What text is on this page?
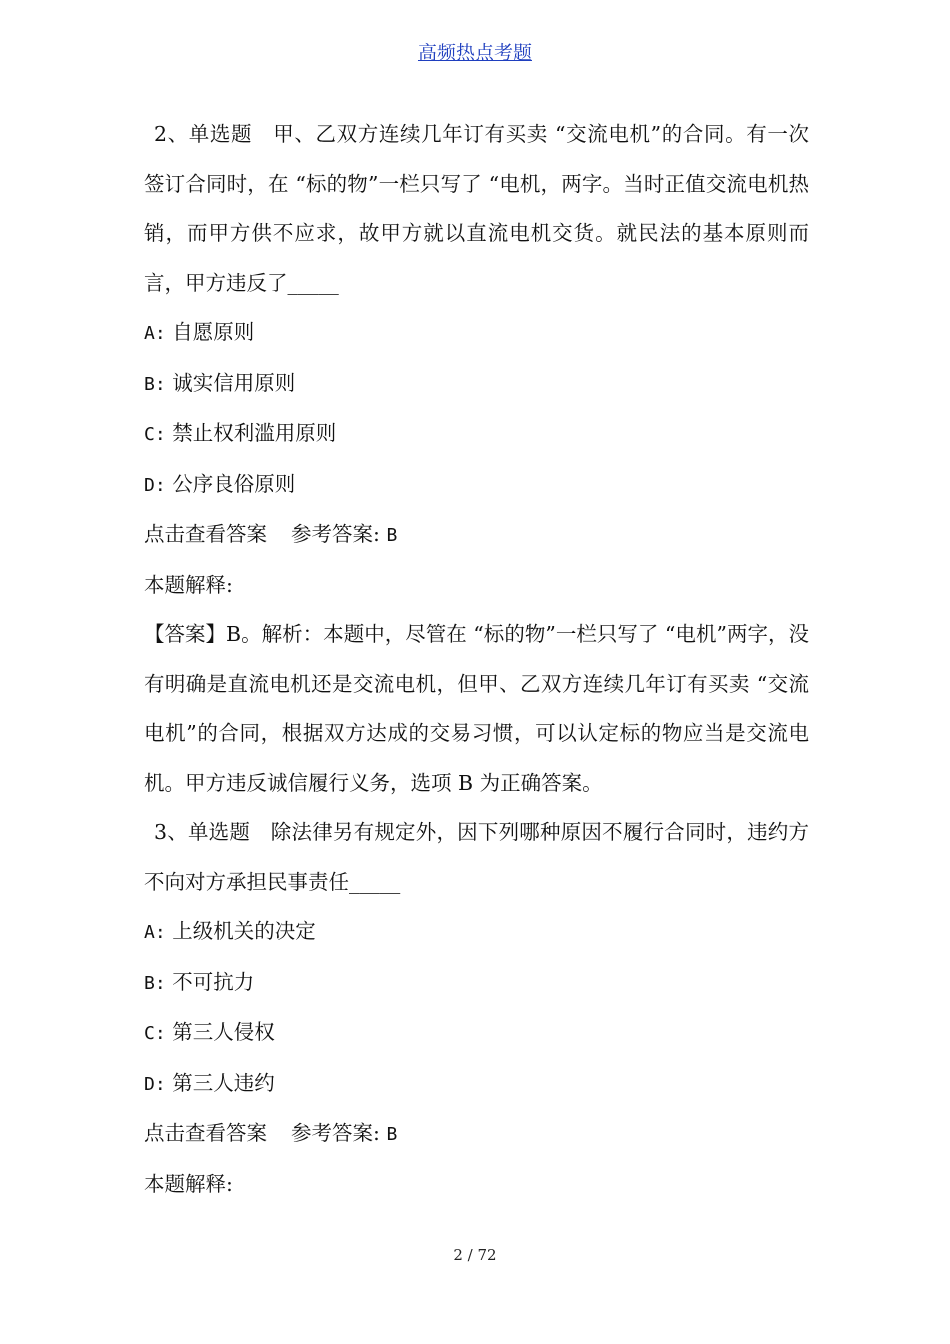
高频热点考题

2、单选题　甲、乙双方连续几年订有买卖 “交流电机”的合同。有一次签订合同时，在 “标的物”一栏只写了 “电机，两字。当时正值交流电机热销，而甲方供不应求，故甲方就以直流电机交货。就民法的基本原则而言，甲方违反了_____

A: 自愿原则

B: 诚实信用原则

C: 禁止权利滥用原则

D: 公序良俗原则

点击查看答案 参考答案: B

本题解释:

【答案】B。解析：本题中，尽管在 “标的物”一栏只写了 “电机”两字，没有明确是直流电机还是交流电机，但甲、乙双方连续几年订有买卖 “交流电机”的合同，根据双方达成的交易习惯，可以认定标的物应当是交流电机。甲方违反诚信履行义务，选项 B 为正确答案。

3、单选题　除法律另有规定外，因下列哪种原因不履行合同时，违约方不向对方承担民事责任_____

A: 上级机关的决定

B: 不可抗力

C: 第三人侵权

D: 第三人违约

点击查看答案 参考答案: B

本题解释:

2 / 72
